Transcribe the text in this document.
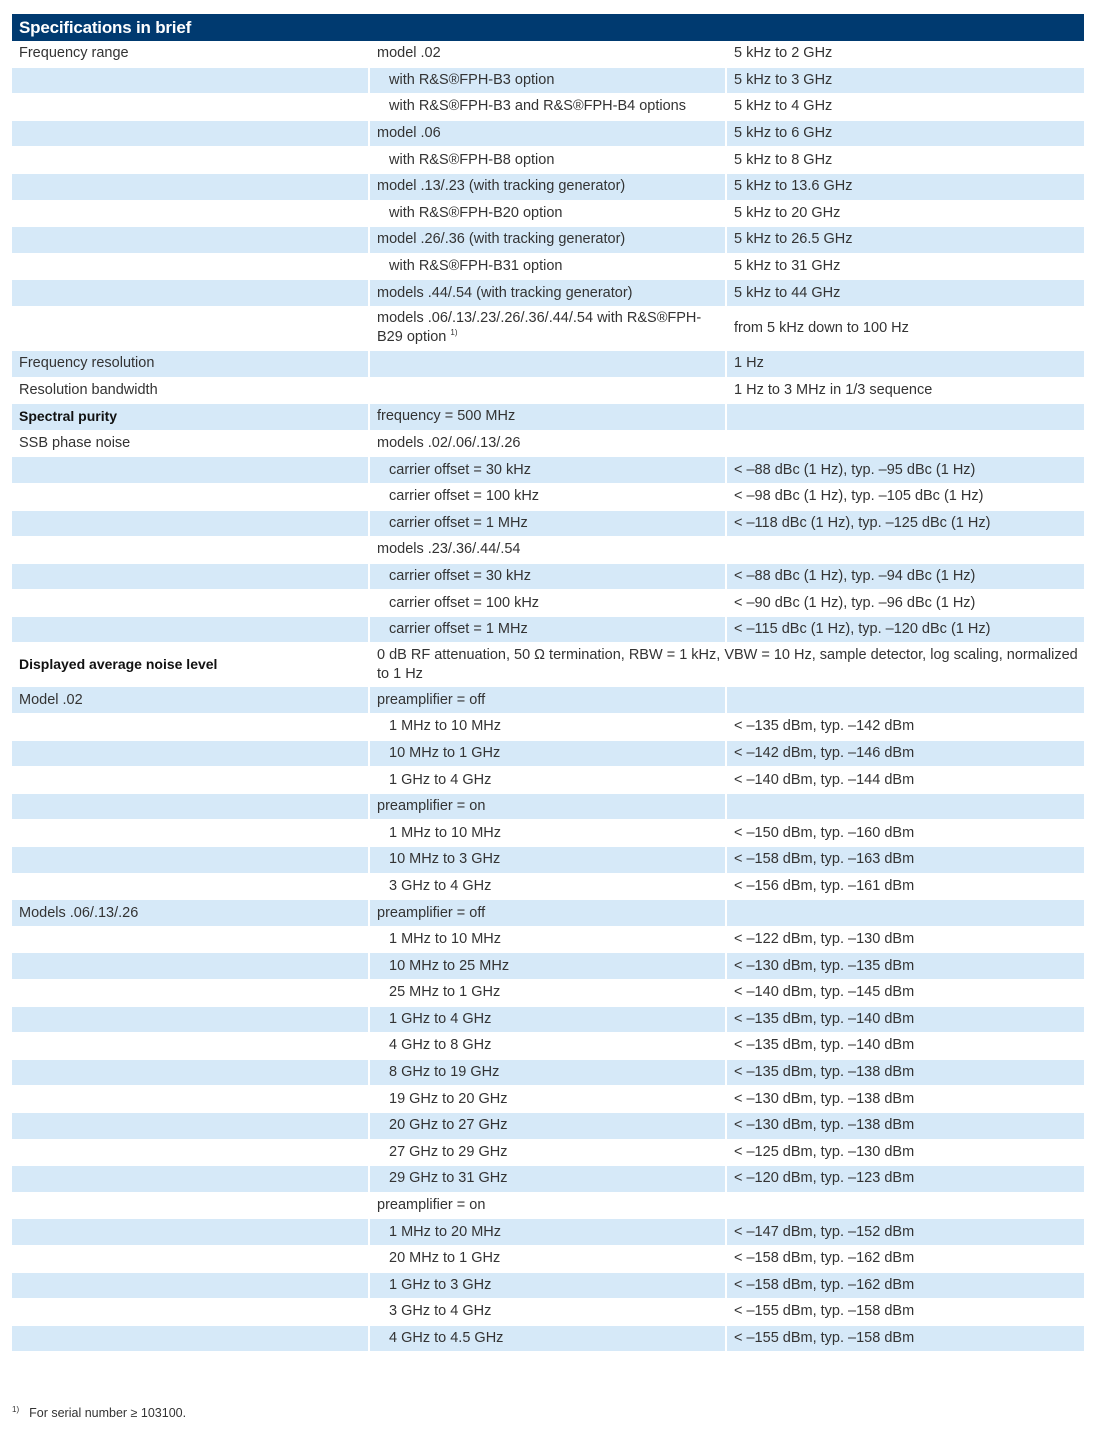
Specifications in brief
Frequency range	model .02	5 kHz to 2 GHz
	with R&S®FPH-B3 option	5 kHz to 3 GHz
	with R&S®FPH-B3 and R&S®FPH-B4 options	5 kHz to 4 GHz
	model .06	5 kHz to 6 GHz
	with R&S®FPH-B8 option	5 kHz to 8 GHz
	model .13/.23 (with tracking generator)	5 kHz to 13.6 GHz
	with R&S®FPH-B20 option	5 kHz to 20 GHz
	model .26/.36 (with tracking generator)	5 kHz to 26.5 GHz
	with R&S®FPH-B31 option	5 kHz to 31 GHz
	models .44/.54 (with tracking generator)	5 kHz to 44 GHz
	models .06/.13/.23/.26/.36/.44/.54 with R&S®FPH-B29 option $^{1)}$	from 5 kHz down to 100 Hz
Frequency resolution		1 Hz
Resolution bandwidth		1 Hz to 3 MHz in 1/3 sequence
Spectral purity	frequency = 500 MHz	
SSB phase noise	models .02/.06/.13/.26	
	carrier offset = 30 kHz	< –88 dBc (1 Hz), typ. –95 dBc (1 Hz)
	carrier offset = 100 kHz	< –98 dBc (1 Hz), typ. –105 dBc (1 Hz)
	carrier offset = 1 MHz	< –118 dBc (1 Hz), typ. –125 dBc (1 Hz)
	models .23/.36/.44/.54	
	carrier offset = 30 kHz	< –88 dBc (1 Hz), typ. –94 dBc (1 Hz)
	carrier offset = 100 kHz	< –90 dBc (1 Hz), typ. –96 dBc (1 Hz)
	carrier offset = 1 MHz	< –115 dBc (1 Hz), typ. –120 dBc (1 Hz)
Displayed average noise level	0 dB RF attenuation, 50 Ω termination, RBW = 1 kHz, VBW = 10 Hz, sample detector, log scaling, normalized to 1 Hz	
Model .02	preamplifier = off	
	1 MHz to 10 MHz	< –135 dBm, typ. –142 dBm
	10 MHz to 1 GHz	< –142 dBm, typ. –146 dBm
	1 GHz to 4 GHz	< –140 dBm, typ. –144 dBm
	preamplifier = on	
	1 MHz to 10 MHz	< –150 dBm, typ. –160 dBm
	10 MHz to 3 GHz	< –158 dBm, typ. –163 dBm
	3 GHz to 4 GHz	< –156 dBm, typ. –161 dBm
Models .06/.13/.26	preamplifier = off	
	1 MHz to 10 MHz	< –122 dBm, typ. –130 dBm
	10 MHz to 25 MHz	< –130 dBm, typ. –135 dBm
	25 MHz to 1 GHz	< –140 dBm, typ. –145 dBm
	1 GHz to 4 GHz	< –135 dBm, typ. –140 dBm
	4 GHz to 8 GHz	< –135 dBm, typ. –140 dBm
	8 GHz to 19 GHz	< –135 dBm, typ. –138 dBm
	19 GHz to 20 GHz	< –130 dBm, typ. –138 dBm
	20 GHz to 27 GHz	< –130 dBm, typ. –138 dBm
	27 GHz to 29 GHz	< –125 dBm, typ. –130 dBm
	29 GHz to 31 GHz	< –120 dBm, typ. –123 dBm
	preamplifier = on	
	1 MHz to 20 MHz	< –147 dBm, typ. –152 dBm
	20 MHz to 1 GHz	< –158 dBm, typ. –162 dBm
	1 GHz to 3 GHz	< –158 dBm, typ. –162 dBm
	3 GHz to 4 GHz	< –155 dBm, typ. –158 dBm
	4 GHz to 4.5 GHz	< –155 dBm, typ. –158 dBm
$^{1)}$ For serial number ≥ 103100.
